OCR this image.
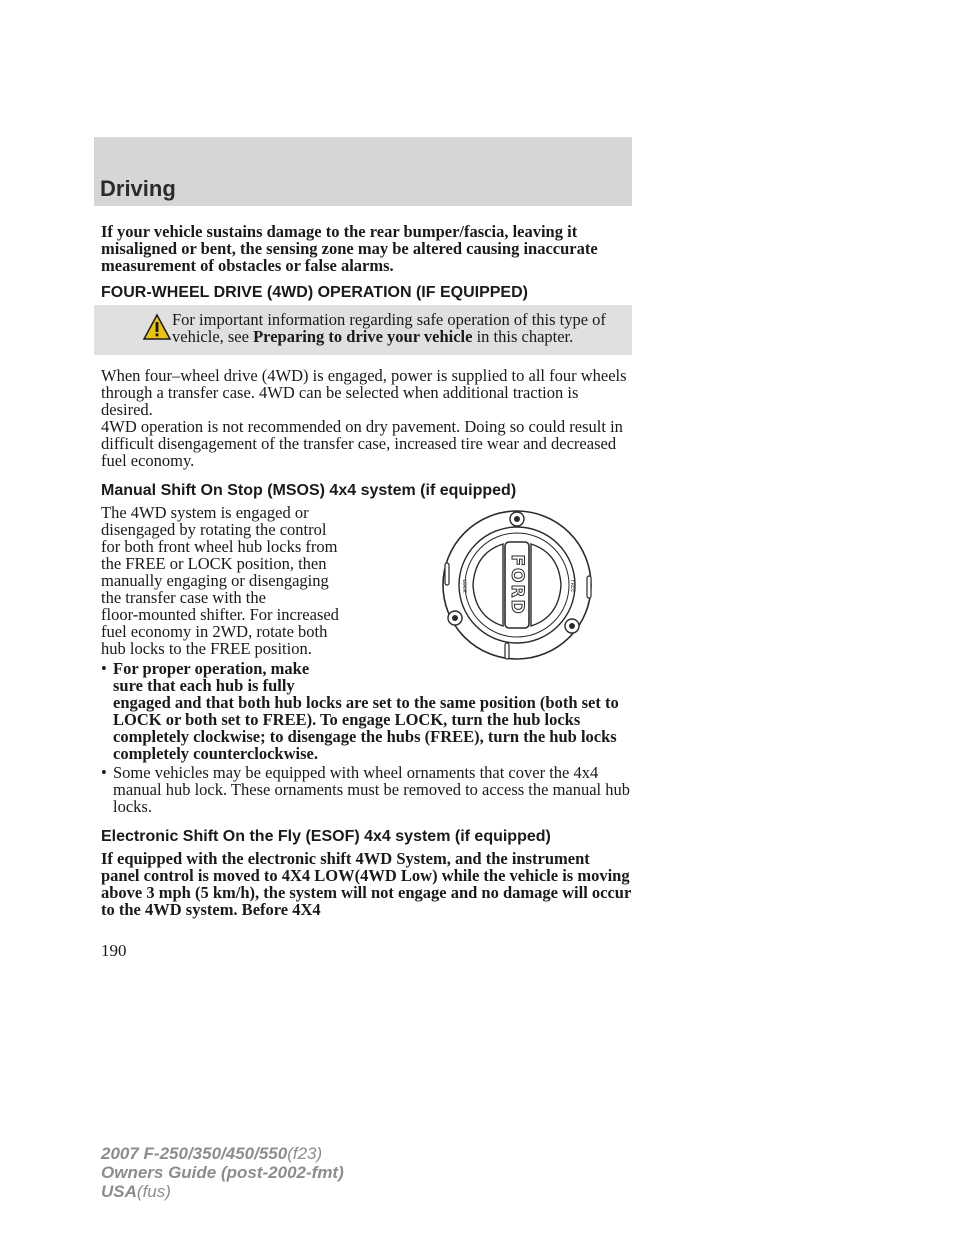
Driving

If your vehicle sustains damage to the rear bumper/fascia, leaving it misaligned or bent, the sensing zone may be altered causing inaccurate measurement of obstacles or false alarms.

FOUR-WHEEL DRIVE (4WD) OPERATION (IF EQUIPPED)
For important information regarding safe operation of this type of vehicle, see Preparing to drive your vehicle in this chapter.

When four–wheel drive (4WD) is engaged, power is supplied to all four wheels through a transfer case. 4WD can be selected when additional traction is desired.

4WD operation is not recommended on dry pavement. Doing so could result in difficult disengagement of the transfer case, increased tire wear and decreased fuel economy.

Manual Shift On Stop (MSOS) 4x4 system (if equipped)

The 4WD system is engaged or

disengaged by rotating the control

for both front wheel hub locks from

the FREE or LOCK position, then

manually engaging or disengaging

the transfer case with the

floor-mounted shifter. For increased

fuel economy in 2WD, rotate both

hub locks to the FREE position.

FORD
LOCK	FREE
• For proper operation, make
sure that each hub is fully
engaged and that both hub locks are set to the same position (both set to LOCK or both set to FREE). To engage LOCK, turn the hub locks completely clockwise; to disengage the hubs (FREE), turn the hub locks completely counterclockwise.
• Some vehicles may be equipped with wheel ornaments that cover the 4x4 manual hub lock. These ornaments must be removed to access the manual hub locks.
Electronic Shift On the Fly (ESOF) 4x4 system (if equipped)

If equipped with the electronic shift 4WD System, and the instrument panel control is moved to 4X4 LOW(4WD Low) while the vehicle is moving above 3 mph (5 km/h), the system will not engage and no damage will occur to the 4WD system. Before 4X4

190
2007 F-250/350/450/550(f23)
Owners Guide (post-2002-fmt)
USA(fus)
